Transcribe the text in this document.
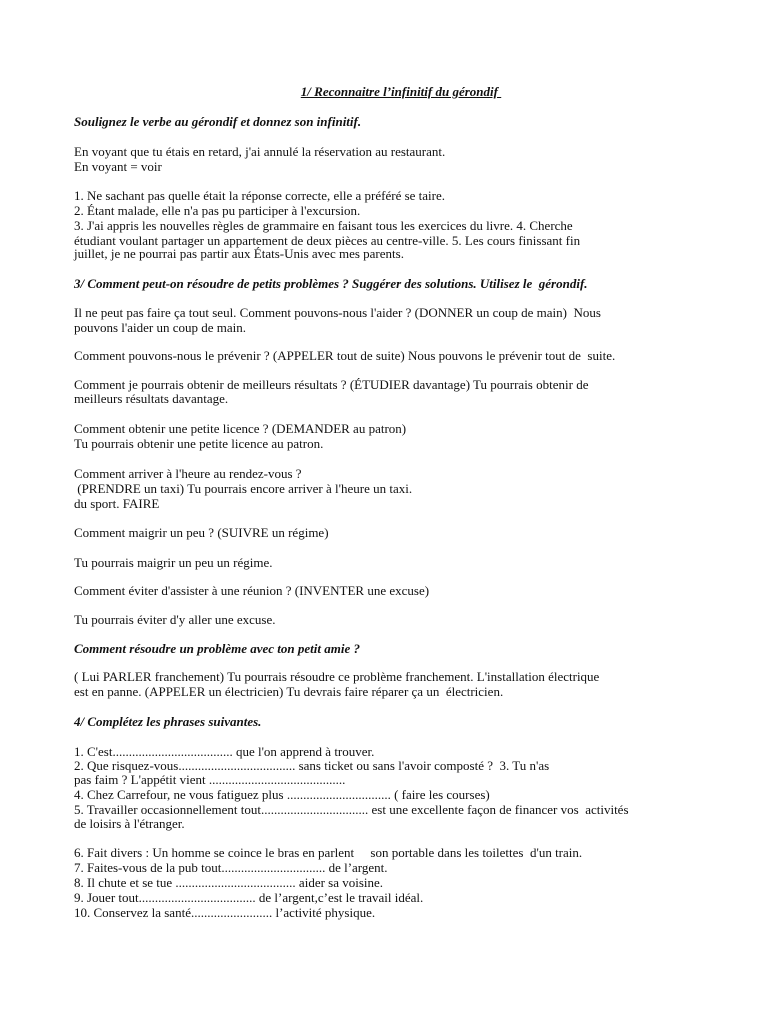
1/ Reconnaitre l’infinitif du gérondif
Soulignez le verbe au gérondif et donnez son infinitif.
En voyant que tu étais en retard, j'ai annulé la réservation au restaurant.
En voyant = voir
1. Ne sachant pas quelle était la réponse correcte, elle a préféré se taire.
2. Étant malade, elle n'a pas pu participer à l'excursion.
3. J'ai appris les nouvelles règles de grammaire en faisant tous les exercices du livre. 4. Cherche
étudiant voulant partager un appartement de deux pièces au centre-ville. 5. Les cours finissant fin
juillet, je ne pourrai pas partir aux États-Unis avec mes parents.
3/ Comment peut-on résoudre de petits problèmes ? Suggérer des solutions. Utilisez le  gérondif.
Il ne peut pas faire ça tout seul. Comment pouvons-nous l'aider ? (DONNER un coup de main)  Nous
pouvons l'aider un coup de main.
Comment pouvons-nous le prévenir ? (APPELER tout de suite) Nous pouvons le prévenir tout de  suite.
Comment je pourrais obtenir de meilleurs résultats ? (ÉTUDIER davantage) Tu pourrais obtenir de
meilleurs résultats davantage.
Comment obtenir une petite licence ? (DEMANDER au patron)
Tu pourrais obtenir une petite licence au patron.
Comment arriver à l'heure au rendez-vous ?
(PRENDRE un taxi) Tu pourrais encore arriver à l'heure un taxi.
du sport. FAIRE
Comment maigrir un peu ? (SUIVRE un régime)
Tu pourrais maigrir un peu un régime.
Comment éviter d'assister à une réunion ? (INVENTER une excuse)
Tu pourrais éviter d'y aller une excuse.
Comment résoudre un problème avec ton petit amie ?
( Lui PARLER franchement) Tu pourrais résoudre ce problème franchement. L'installation électrique
est en panne. (APPELER un électricien) Tu devrais faire réparer ça un  électricien.
4/ Complétez les phrases suivantes.
1. C'est..................................... que l'on apprend à trouver.
2. Que risquez-vous.................................... sans ticket ou sans l'avoir composté ?  3. Tu n'as
pas faim ? L'appétit vient ..........................................
4. Chez Carrefour, ne vous fatiguez plus ................................ ( faire les courses)
5. Travailler occasionnellement tout................................. est une excellente façon de financer vos  activités
de loisirs à l'étranger.
6. Fait divers : Un homme se coince le bras en parlent     son portable dans les toilettes  d'un train.
7. Faites-vous de la pub tout................................ de l’argent.
8. Il chute et se tue ..................................... aider sa voisine.
9. Jouer tout.................................... de l’argent,c’est le travail idéal.
10. Conservez la santé......................... l’activité physique.
